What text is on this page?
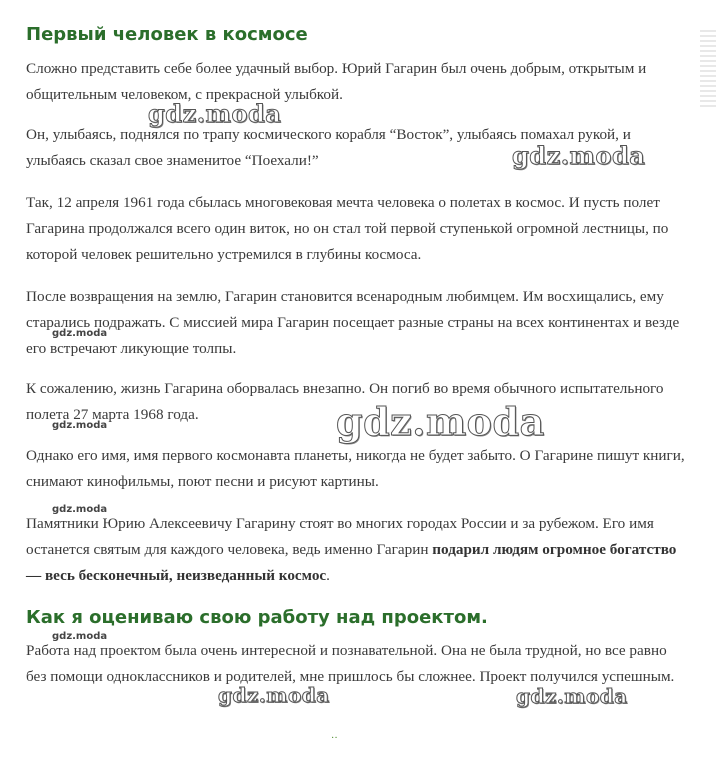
Первый человек в космосе

Сложно представить себе более удачный выбор. Юрий Гагарин был очень добрым, открытым и общительным человеком, с прекрасной улыбкой.

Он, улыбаясь, поднялся по трапу космического корабля “Восток”, улыбаясь помахал рукой, и улыбаясь сказал свое знаменитое “Поехали!”

Так, 12 апреля 1961 года сбылась многовековая мечта человека о полетах в космос. И пусть полет Гагарина продолжался всего один виток, но он стал той первой ступенькой огромной лестницы, по которой человек решительно устремился в глубины космоса.

После возвращения на землю, Гагарин становится всенародным любимцем. Им восхищались, ему старались подражать. С миссией мира Гагарин посещает разные страны на всех континентах и везде его встречают ликующие толпы.

К сожалению, жизнь Гагарина оборвалась внезапно. Он погиб во время обычного испытательного полета 27 марта 1968 года.

Однако его имя, имя первого космонавта планеты, никогда не будет забыто. О Гагарине пишут книги, снимают кинофильмы, поют песни и рисуют картины.

Памятники Юрию Алексеевичу Гагарину стоят во многих городах России и за рубежом. Его имя останется святым для каждого человека, ведь именно Гагарин подарил людям огромное богатство — весь бесконечный, неизведанный космос.

Как я оцениваю свою работу над проектом.

Работа над проектом была очень интересной и познавательной. Она не была трудной, но все равно без помощи одноклассников и родителей, мне пришлось бы сложнее. Проект получился успешным.

gdz.moda
gdz.moda
gdz.moda
gdz.moda	gdz.moda
gdz.moda
gdz.moda
gdz.moda
gdz.moda
··
